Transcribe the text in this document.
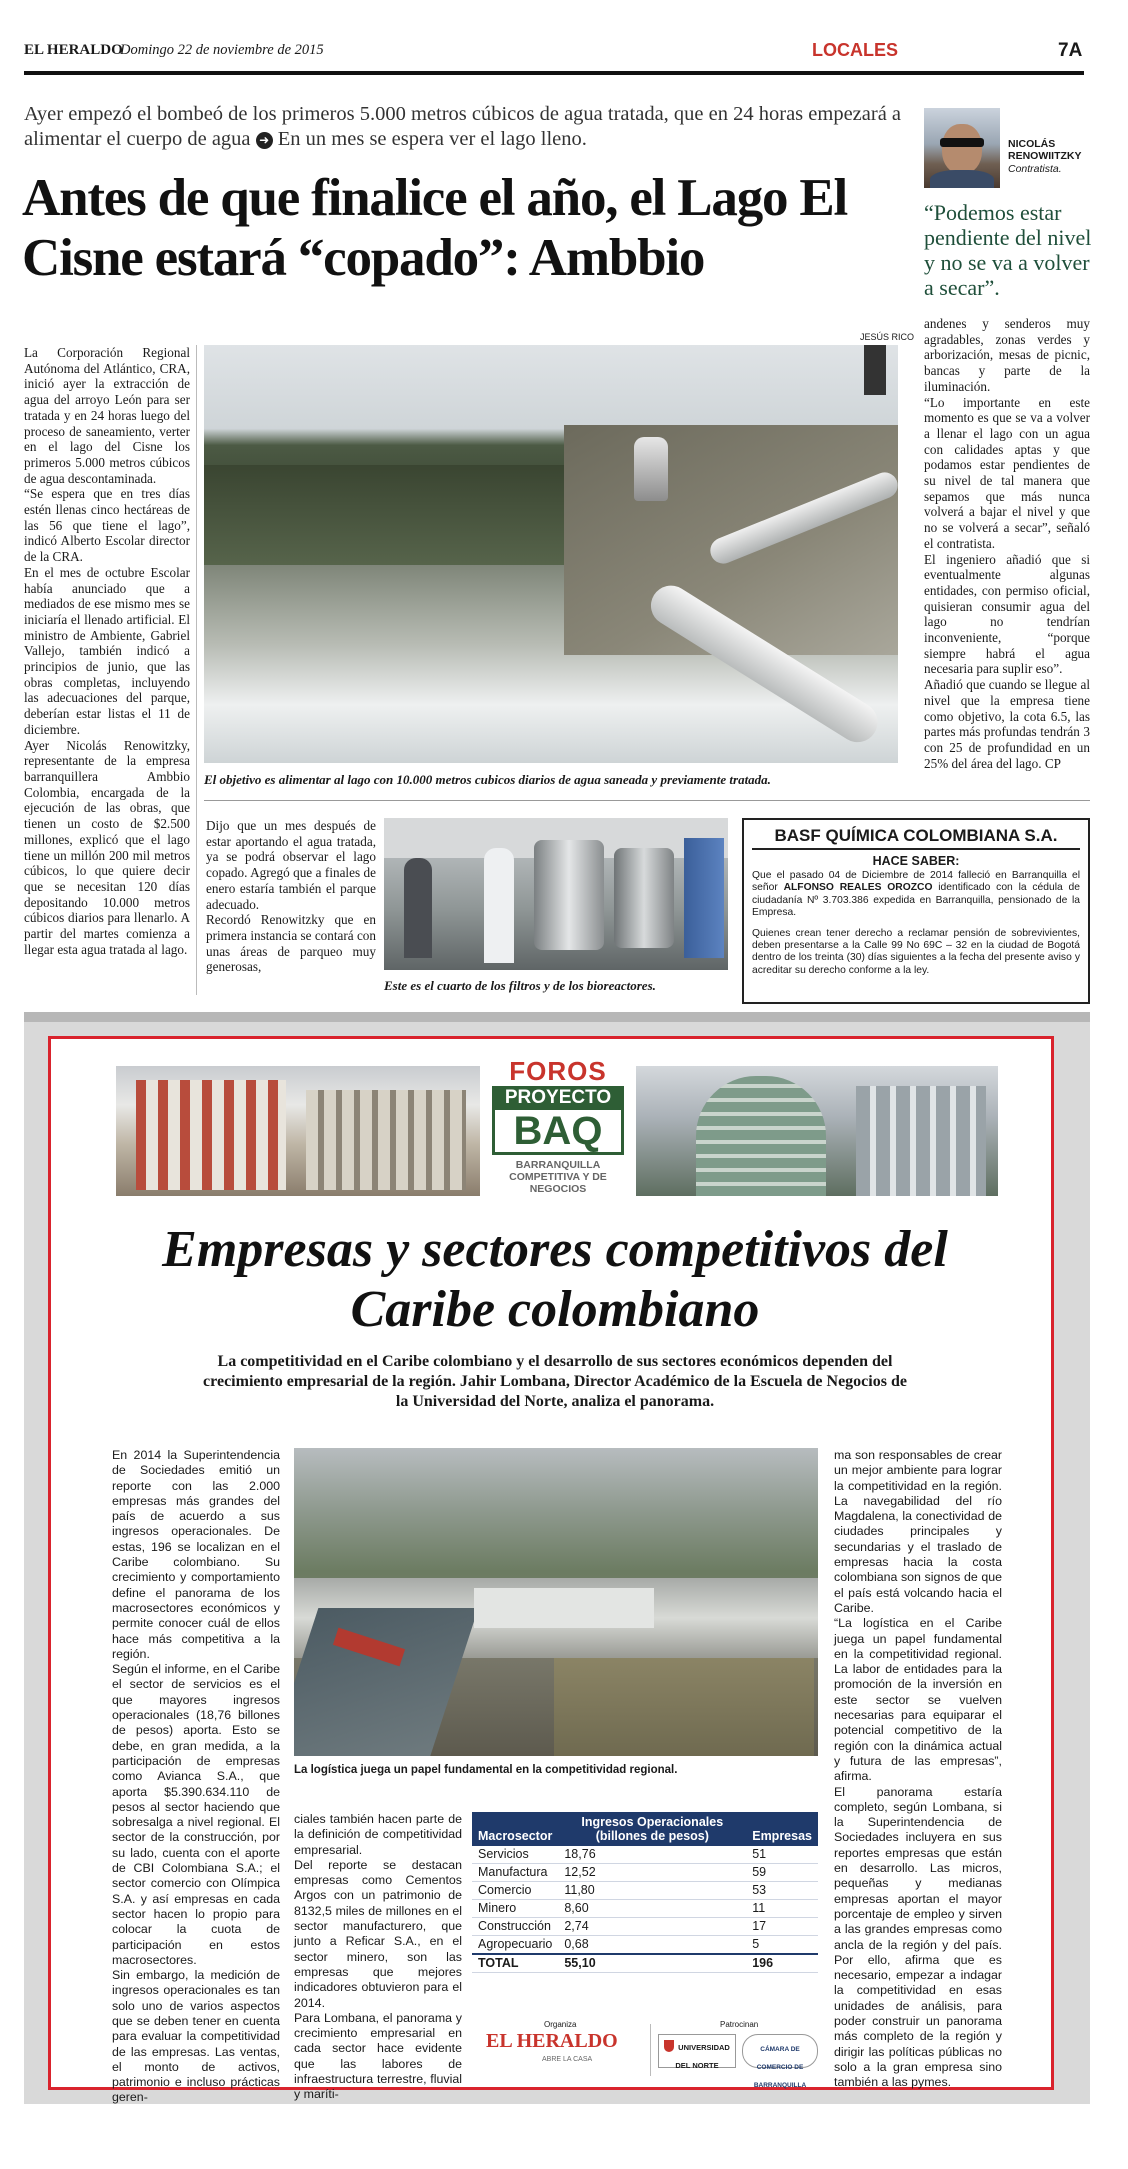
EL HERALDO
Domingo 22 de noviembre de 2015	LOCALES	7A
Ayer empezó el bombeó de los primeros 5.000 metros cúbicos de agua tratada, que en 24 horas empezará a alimentar el cuerpo de agua ➜ En un mes se espera ver el lago lleno.
Antes de que finalice el año, el Lago El Cisne estará “copado”: Ambbio
NICOLÁS RENOWIITZKY
Contratista.
“Podemos estar pendiente del nivel y no se va a volver a secar”.
La Corporación Regional Autónoma del Atlántico, CRA, inició ayer la extracción de agua del arroyo León para ser tratada y en 24 horas luego del proceso de saneamiento, verter en el lago del Cisne los primeros 5.000 metros cúbicos de agua descontaminada.
“Se espera que en tres días estén llenas cinco hectáreas de las 56 que tiene el lago”, indicó Alberto Escolar director de la CRA.
En el mes de octubre Escolar había anunciado que a mediados de ese mismo mes se iniciaría el llenado artificial. El ministro de Ambiente, Gabriel Vallejo, también indicó a principios de junio, que las obras completas, incluyendo las adecuaciones del parque, deberían estar listas el 11 de diciembre.
Ayer Nicolás Renowitzky, representante de la empresa barranquillera Ambbio Colombia, encargada de la ejecución de las obras, que tienen un costo de $2.500 millones, explicó que el lago tiene un millón 200 mil metros cúbicos, lo que quiere decir que se necesitan 120 días depositando 10.000 metros cúbicos diarios para llenarlo. A partir del martes comienza a llegar esta agua tratada al lago.
JESÚS RICO
El objetivo es alimentar al lago con 10.000 metros cubicos diarios de agua saneada y previamente tratada.
andenes y senderos muy agradables, zonas verdes y arborización, mesas de picnic, bancas y parte de la iluminación.
“Lo importante en este momento es que se va a volver a llenar el lago con un agua con calidades aptas y que podamos estar pendientes de su nivel de tal manera que sepamos que más nunca volverá a bajar el nivel y que no se volverá a secar”, señaló el contratista.
El ingeniero añadió que si eventualmente algunas entidades, con permiso oficial, quisieran consumir agua del lago no tendrían inconveniente, “porque siempre habrá el agua necesaria para suplir eso”.
Añadió que cuando se llegue al nivel que la empresa tiene como objetivo, la cota 6.5, las partes más profundas tendrán 3 con 25 de profundidad en un 25% del área del lago. CP
Dijo que un mes después de estar aportando el agua tratada, ya se podrá observar el lago copado. Agregó que a finales de enero estaría también el parque adecuado.
Recordó Renowitzky que en primera instancia se contará con unas áreas de parqueo muy generosas,
Este es el cuarto de los filtros y de los bioreactores.
BASF QUÍMICA COLOMBIANA S.A.
HACE SABER:
Que el pasado 04 de Diciembre de 2014 falleció en Barranquilla el señor ALFONSO REALES OROZCO identificado con la cédula de ciudadanía Nº 3.703.386 expedida en Barranquilla, pensionado de la Empresa.
Quienes crean tener derecho a reclamar pensión de sobrevivientes, deben presentarse a la Calle 99 No 69C – 32 en la ciudad de Bogotá dentro de los treinta (30) días siguientes a la fecha del presente aviso y acreditar su derecho conforme a la ley.
FOROS
PROYECTO
BAQ
BARRANQUILLA COMPETITIVA Y DE NEGOCIOS
Empresas y sectores competitivos del Caribe colombiano
La competitividad en el Caribe colombiano y el desarrollo de sus sectores económicos dependen del crecimiento empresarial de la región. Jahir Lombana, Director Académico de la Escuela de Negocios de la Universidad del Norte, analiza el panorama.
En 2014 la Superintendencia de Sociedades emitió un reporte con las 2.000 empresas más grandes del país de acuerdo a sus ingresos operacionales. De estas, 196 se localizan en el Caribe colombiano. Su crecimiento y comportamiento define el panorama de los macrosectores económicos y permite conocer cuál de ellos hace más competitiva a la región.
Según el informe, en el Caribe el sector de servicios es el que mayores ingresos operacionales (18,76 billones de pesos) aporta. Esto se debe, en gran medida, a la participación de empresas como Avianca S.A., que aporta $5.390.634.110 de pesos al sector haciendo que sobresalga a nivel regional. El sector de la construcción, por su lado, cuenta con el aporte de CBI Colombiana S.A.; el sector comercio con Olímpica S.A. y así empresas en cada sector hacen lo propio para colocar la cuota de participación en estos macrosectores.
Sin embargo, la medición de ingresos operacionales es tan solo uno de varios aspectos que se deben tener en cuenta para evaluar la competitividad de las empresas. Las ventas, el monto de activos, patrimonio e incluso prácticas geren-
La logística juega un papel fundamental en la competitividad regional.
ciales también hacen parte de la definición de competitividad empresarial.
Del reporte se destacan empresas como Cementos Argos con un patrimonio de 8132,5 miles de millones en el sector manufacturero, que junto a Reficar S.A., en el sector minero, son las empresas que mejores indicadores obtuvieron para el 2014.
Para Lombana, el panorama y crecimiento empresarial en cada sector hace evidente que las labores de infraestructura terrestre, fluvial y maríti-
Macrosector	Ingresos Operacionales (billones de pesos)	Empresas
Servicios	18,76	51
Manufactura	12,52	59
Comercio	11,80	53
Minero	8,60	11
Construcción	2,74	17
Agropecuario	0,68	5
TOTAL	55,10	196
Organiza
EL HERALDO
ABRE LA CASA
Patrocinan
UNIVERSIDAD DEL NORTE
CÁMARA DE COMERCIO DE BARRANQUILLA
ma son responsables de crear un mejor ambiente para lograr la competitividad en la región. La navegabilidad del río Magdalena, la conectividad de ciudades principales y secundarias y el traslado de empresas hacia la costa colombiana son signos de que el país está volcando hacia el Caribe.
“La logística en el Caribe juega un papel fundamental en la competitividad regional. La labor de entidades para la promoción de la inversión en este sector se vuelven necesarias para equiparar el potencial competitivo de la región con la dinámica actual y futura de las empresas”, afirma.
El panorama estaría completo, según Lombana, si la Superintendencia de Sociedades incluyera en sus reportes empresas que están en desarrollo. Las micros, pequeñas y medianas empresas aportan el mayor porcentaje de empleo y sirven a las grandes empresas como ancla de la región y del país. Por ello, afirma que es necesario, empezar a indagar la competitividad en esas unidades de análisis, para poder construir un panorama más completo de la región y dirigir las políticas públicas no solo a la gran empresa sino también a las pymes.
